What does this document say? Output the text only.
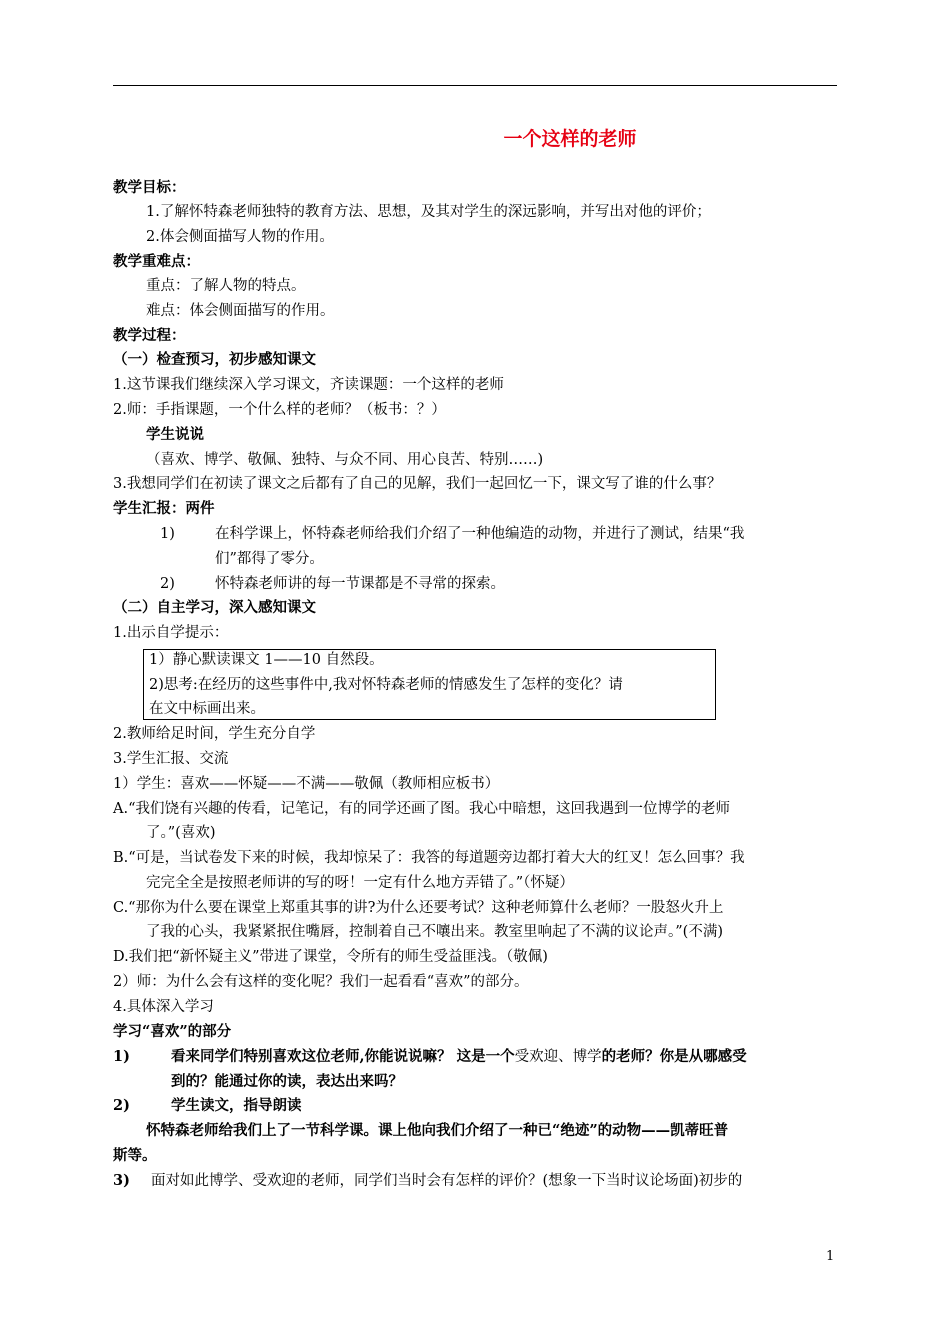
一个这样的老师
教学目标：
1.了解怀特森老师独特的教育方法、思想，及其对学生的深远影响，并写出对他的评价；
2.体会侧面描写人物的作用。
教学重难点：
重点：了解人物的特点。
难点：体会侧面描写的作用。
教学过程：
（一）检查预习，初步感知课文
1.这节课我们继续深入学习课文，齐读课题：一个这样的老师
2.师：手指课题，一个什么样的老师？（板书：？）
学生说说
（喜欢、博学、敬佩、独特、与众不同、用心良苦、特别……)
3.我想同学们在初读了课文之后都有了自己的见解，我们一起回忆一下，课文写了谁的什么事？
学生汇报：两件
1)	在科学课上，怀特森老师给我们介绍了一种他编造的动物，并进行了测试，结果“我
们”都得了零分。
2)	怀特森老师讲的每一节课都是不寻常的探索。
（二）自主学习，深入感知课文
1.出示自学提示：
1）静心默读课文 1——10 自然段。
2)思考:在经历的这些事件中,我对怀特森老师的情感发生了怎样的变化？请
在文中标画出来。
2.教师给足时间，学生充分自学
3.学生汇报、交流
1）学生：喜欢——怀疑——不满——敬佩（教师相应板书）
A.“我们饶有兴趣的传看，记笔记，有的同学还画了图。我心中暗想，这回我遇到一位博学的老师
了。”(喜欢)
B.“可是，当试卷发下来的时候，我却惊呆了：我答的每道题旁边都打着大大的红叉！怎么回事？我
完完全全是按照老师讲的写的呀！一定有什么地方弄错了。”（怀疑）
C.“那你为什么要在课堂上郑重其事的讲?为什么还要考试？这种老师算什么老师？一股怒火升上
了我的心头，我紧紧抿住嘴唇，控制着自己不嚷出来。教室里响起了不满的议论声。”(不满)
D.我们把“新怀疑主义”带进了课堂，令所有的师生受益匪浅。（敬佩)
2）师：为什么会有这样的变化呢？我们一起看看“喜欢”的部分。
4.具体深入学习
学习“喜欢”的部分
1)	看来同学们特别喜欢这位老师,你能说说嘛？ 这是一个受欢迎、博学的老师？你是从哪感受
到的？能通过你的读，表达出来吗？
2)	学生读文，指导朗读
怀特森老师给我们上了一节科学课。课上他向我们介绍了一种已“绝迹”的动物——凯蒂旺普
斯等。
3) 面对如此博学、受欢迎的老师，同学们当时会有怎样的评价？(想象一下当时议论场面)初步的
1
